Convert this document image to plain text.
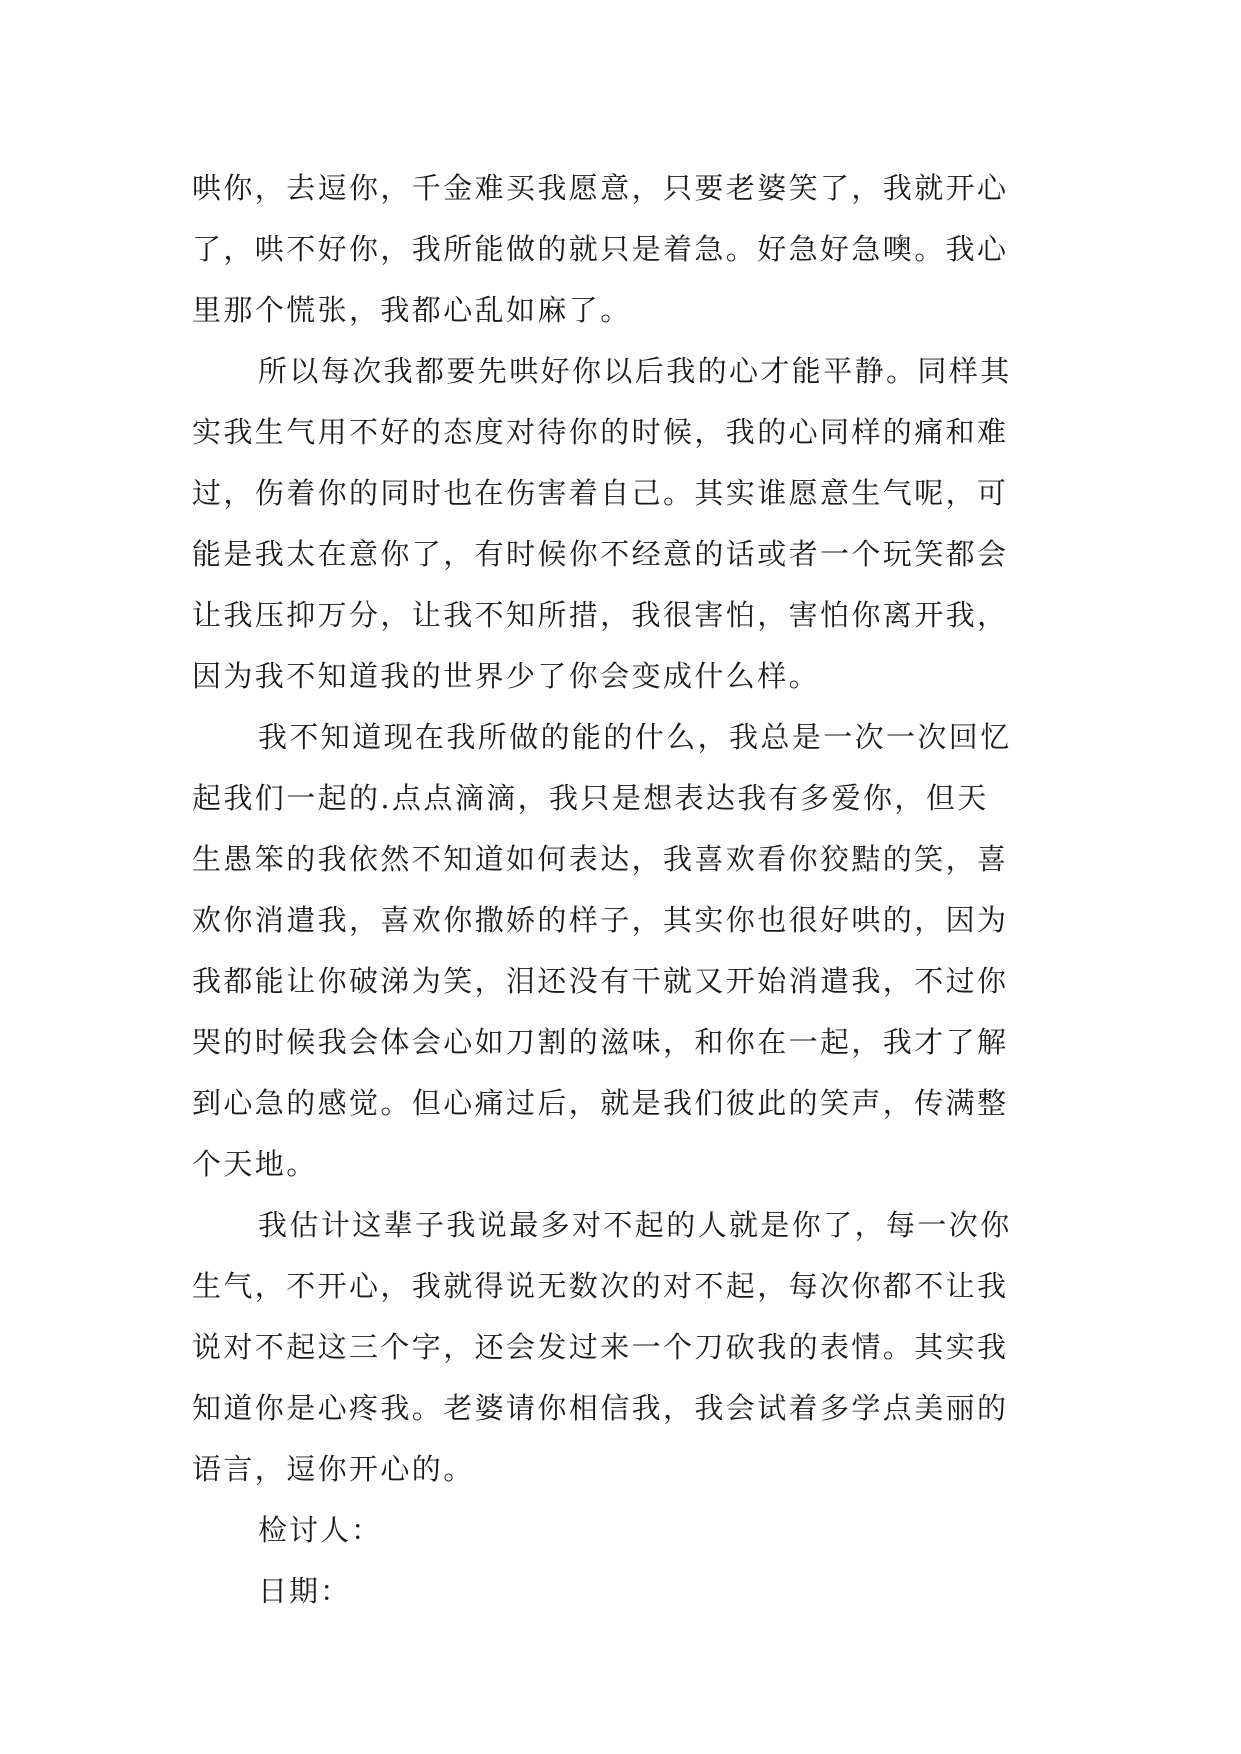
哄你，去逗你，千金难买我愿意，只要老婆笑了，我就开心
了，哄不好你，我所能做的就只是着急。好急好急噢。我心
里那个慌张，我都心乱如麻了。
所以每次我都要先哄好你以后我的心才能平静。同样其
实我生气用不好的态度对待你的时候，我的心同样的痛和难
过，伤着你的同时也在伤害着自己。其实谁愿意生气呢，可
能是我太在意你了，有时候你不经意的话或者一个玩笑都会
让我压抑万分，让我不知所措，我很害怕，害怕你离开我，
因为我不知道我的世界少了你会变成什么样。
我不知道现在我所做的能的什么，我总是一次一次回忆
起我们一起的.点点滴滴，我只是想表达我有多爱你，但天
生愚笨的我依然不知道如何表达，我喜欢看你狡黠的笑，喜
欢你消遣我，喜欢你撒娇的样子，其实你也很好哄的，因为
我都能让你破涕为笑，泪还没有干就又开始消遣我，不过你
哭的时候我会体会心如刀割的滋味，和你在一起，我才了解
到心急的感觉。但心痛过后，就是我们彼此的笑声，传满整
个天地。
我估计这辈子我说最多对不起的人就是你了，每一次你
生气，不开心，我就得说无数次的对不起，每次你都不让我
说对不起这三个字，还会发过来一个刀砍我的表情。其实我
知道你是心疼我。老婆请你相信我，我会试着多学点美丽的
语言，逗你开心的。
检讨人：
日期：
